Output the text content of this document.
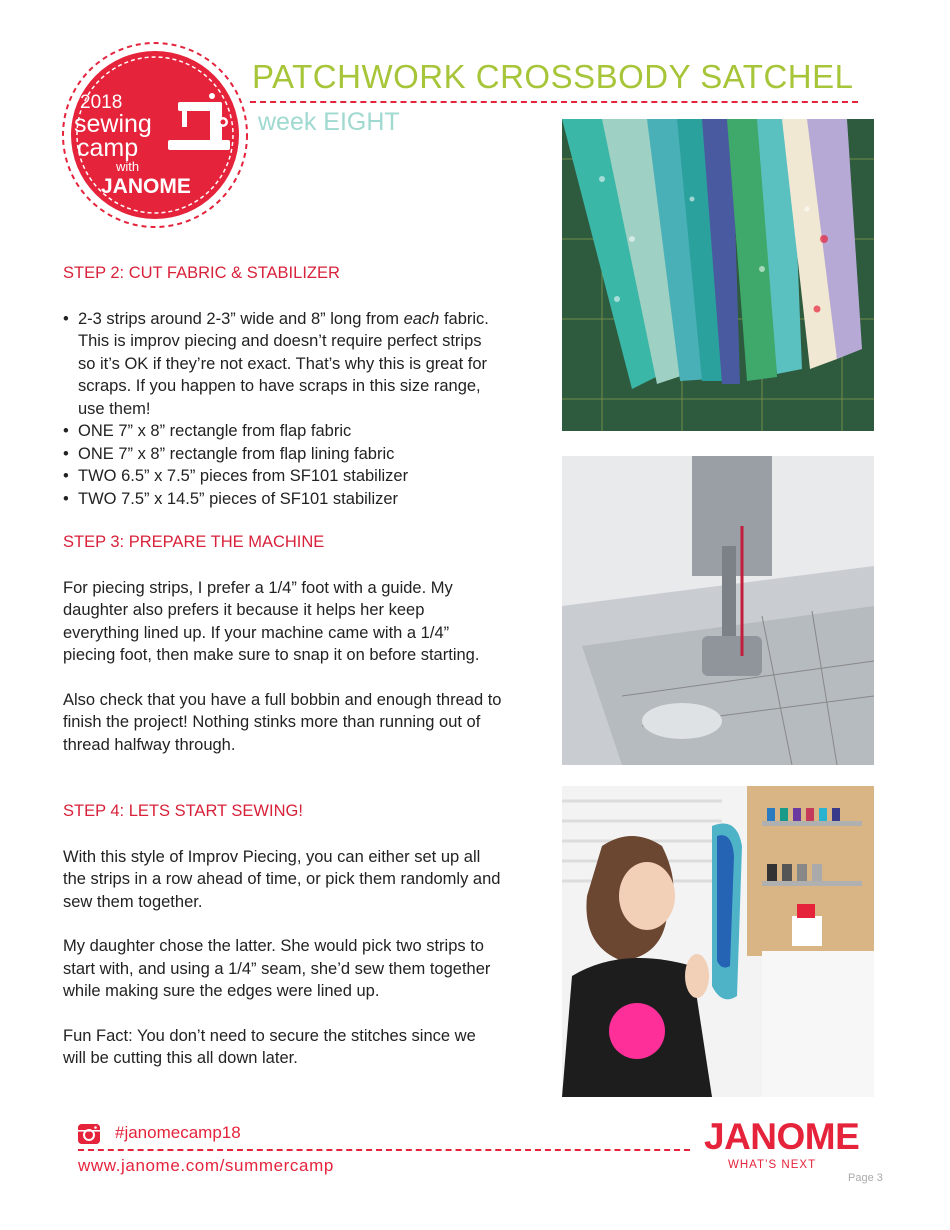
2018
sewing
camp
with
JANOME
PATCHWORK CROSSBODY SATCHEL
week EIGHT
STEP 2: CUT FABRIC & STABILIZER
• 2-3 strips around 2-3” wide and 8” long from each fabric. This is improv piecing and doesn’t require perfect strips so it’s OK if they’re not exact. That’s why this is great for scraps. If you happen to have scraps in this size range, use them!
• ONE 7” x 8” rectangle from flap fabric
• ONE 7” x 8” rectangle from flap lining fabric
• TWO 6.5” x 7.5” pieces from SF101 stabilizer
• TWO 7.5” x 14.5” pieces of SF101 stabilizer
STEP 3: PREPARE THE MACHINE

For piecing strips, I prefer a 1/4” foot with a guide. My daughter also prefers it because it helps her keep everything lined up. If your machine came with a 1/4” piecing foot, then make sure to snap it on before starting.

Also check that you have a full bobbin and enough thread to finish the project! Nothing stinks more than running out of thread halfway through.

STEP 4: LETS START SEWING!

With this style of Improv Piecing, you can either set up all the strips in a row ahead of time, or pick them randomly and sew them together.

My daughter chose the latter. She would pick two strips to start with, and using a 1/4” seam, she’d sew them together while making sure the edges were lined up.

Fun Fact: You don’t need to secure the stitches since we will be cutting this all down later.

#janomecamp18
www.janome.com/summercamp
JANOME
WHAT’S NEXT
Page 3
